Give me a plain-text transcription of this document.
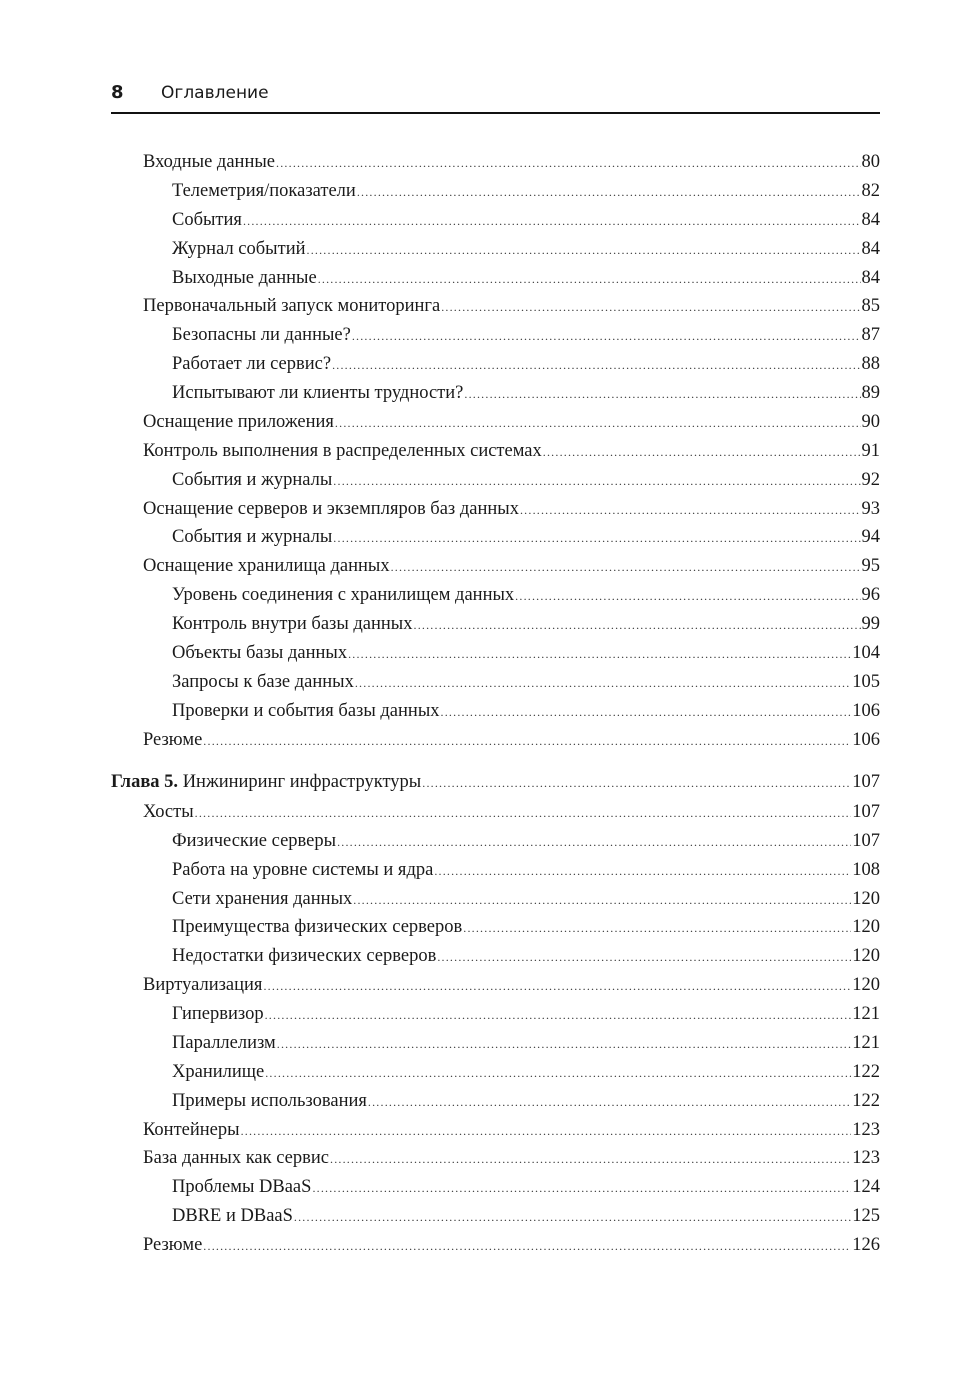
8 Оглавление
Входные данные .....	80
Телеметрия/показатели .....	82
События .....	84
Журнал событий .....	84
Выходные данные .....	84
Первоначальный запуск мониторинга .....	85
Безопасны ли данные? .....	87
Работает ли сервис? .....	88
Испытывают ли клиенты трудности? .....	89
Оснащение приложения .....	90
Контроль выполнения в распределенных системах .....	91
События и журналы .....	92
Оснащение серверов и экземпляров баз данных .....	93
События и журналы .....	94
Оснащение хранилища данных .....	95
Уровень соединения с хранилищем данных .....	96
Контроль внутри базы данных .....	99
Объекты базы данных .....	104
Запросы к базе данных .....	105
Проверки и события базы данных .....	106
Резюме .....	106
Глава 5. Инжиниринг инфраструктуры .....	107
Хосты .....	107
Физические серверы .....	107
Работа на уровне системы и ядра .....	108
Сети хранения данных .....	120
Преимущества физических серверов .....	120
Недостатки физических серверов .....	120
Виртуализация .....	120
Гипервизор .....	121
Параллелизм .....	121
Хранилище .....	122
Примеры использования .....	122
Контейнеры .....	123
База данных как сервис .....	123
Проблемы DBaaS .....	124
DBRE и DBaaS .....	125
Резюме .....	126
